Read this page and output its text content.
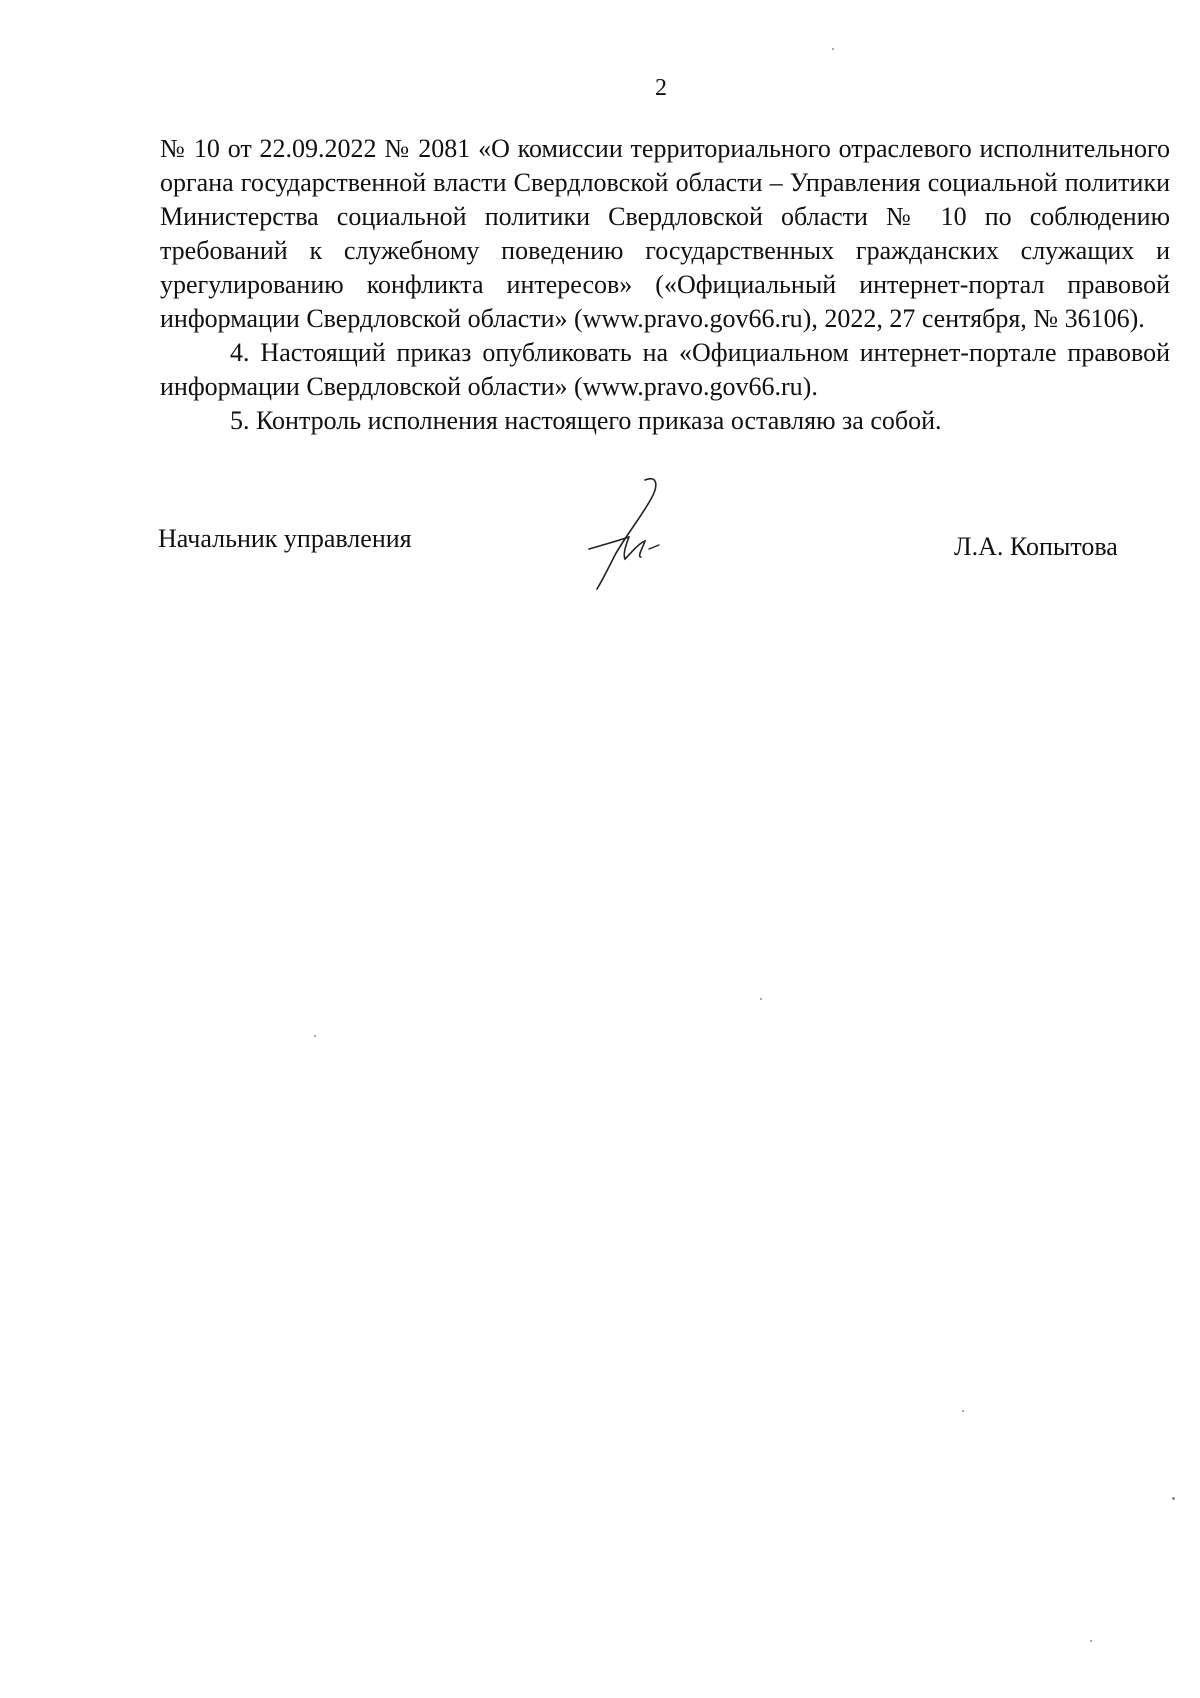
2

№ 10 от 22.09.2022 № 2081 «О комиссии территориального отраслевого исполнительного органа государственной власти Свердловской области – Управления социальной политики Министерства социальной политики Свердловской области № 10 по соблюдению требований к служебному поведению государственных гражданских служащих и урегулированию конфликта интересов» («Официальный интернет-портал правовой информации Свердловской области» (www.pravo.gov66.ru), 2022, 27 сентября, № 36106).

4. Настоящий приказ опубликовать на «Официальном интернет-портале правовой информации Свердловской области» (www.pravo.gov66.ru).

5. Контроль исполнения настоящего приказа оставляю за собой.

Начальник управления	Л.А. Копытова
